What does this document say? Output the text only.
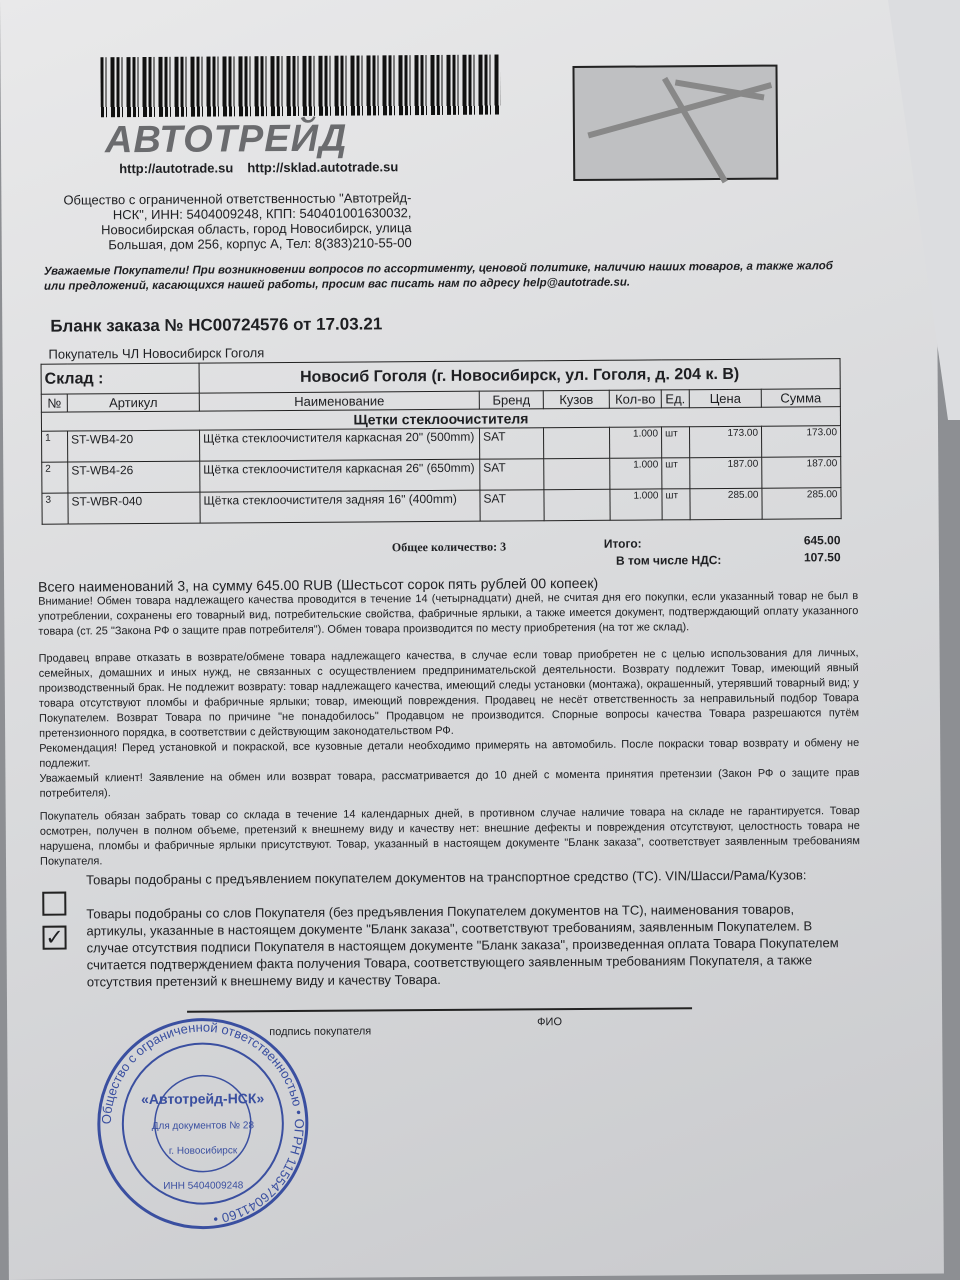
АВТОТРЕЙД
http://autotrade.su http://sklad.autotrade.su
Общество с ограниченной ответственностью "Автотрейд-НСК", ИНН: 5404009248, КПП: 540401001630032, Новосибирская область, город Новосибирск, улица Большая, дом 256, корпус А, Тел: 8(383)210-55-00
Уважаемые Покупатели! При возникновении вопросов по ассортименту, ценовой политике, наличию наших товаров, а также жалоб или предложений, касающихся нашей работы, просим вас писать нам по адресу help@autotrade.su.
Бланк заказа № НС00724576 от 17.03.21
Покупатель ЧЛ Новосибирск Гоголя
Склад :		Новосиб Гоголя (г. Новосибирск, ул. Гоголя, д. 204 к. В)						
№	Артикул	Наименование	Бренд	Кузов	Кол-во	Ед.	Цена	Сумма
Щетки стеклоочистителя								
1	ST-WB4-20	Щётка стеклоочистителя каркасная 20" (500mm)	SAT		1.000	шт	173.00	173.00
2	ST-WB4-26	Щётка стеклоочистителя каркасная 26" (650mm)	SAT		1.000	шт	187.00	187.00
3	ST-WBR-040	Щётка стеклоочистителя задняя 16" (400mm)	SAT		1.000	шт	285.00	285.00
Общее количество: 3	Итого:	645.00
В том числе НДС:	107.50

Всего наименований 3, на сумму 645.00 RUB (Шестьсот сорок пять рублей 00 копеек)

Внимание! Обмен товара надлежащего качества проводится в течение 14 (четырнадцати) дней, не считая дня его покупки, если указанный товар не был в употреблении, сохранены его товарный вид, потребительские свойства, фабричные ярлыки, а также имеется документ, подтверждающий оплату указанного товара (ст. 25 "Закона РФ о защите прав потребителя"). Обмен товара производится по месту приобретения (на тот же склад).

Продавец вправе отказать в возврате/обмене товара надлежащего качества, в случае если товар приобретен не с целью использования для личных, семейных, домашних и иных нужд, не связанных с осуществлением предпринимательской деятельности. Возврату подлежит Товар, имеющий явный производственный брак. Не подлежит возврату: товар надлежащего качества, имеющий следы установки (монтажа), окрашенный, утерявший товарный вид; у товара отсутствуют пломбы и фабричные ярлыки; товар, имеющий повреждения. Продавец не несёт ответственность за неправильный подбор Товара Покупателем. Возврат Товара по причине "не понадобилось" Продавцом не производится. Спорные вопросы качества Товара разрешаются путём претензионного порядка, в соответствии с действующим законодательством РФ.

Рекомендация! Перед установкой и покраской, все кузовные детали необходимо примерять на автомобиль. После покраски товар возврату и обмену не подлежит.

Уважаемый клиент! Заявление на обмен или возврат товара, рассматривается до 10 дней с момента принятия претензии (Закон РФ о защите прав потребителя).

Покупатель обязан забрать товар со склада в течение 14 календарных дней, в противном случае наличие товара на складе не гарантируется. Товар осмотрен, получен в полном объеме, претензий к внешнему виду и качеству нет: внешние дефекты и повреждения отсутствуют, целостность товара не нарушена, пломбы и фабричные ярлыки присутствуют. Товар, указанный в настоящем документе "Бланк заказа", соответствует заявленным требованиям Покупателя.

Товары подобраны с предъявлением покупателем документов на транспортное средство (ТС). VIN/Шасси/Рама/Кузов:
✓
Товары подобраны со слов Покупателя (без предъявления Покупателем документов на ТС), наименования товаров, артикулы, указанные в настоящем документе "Бланк заказа", соответствуют требованиям, заявленным Покупателем. В случае отсутствия подписи Покупателя в настоящем документе "Бланк заказа", произведенная оплата Товара Покупателем считается подтверждением факта получения Товара, соответствующего заявленным требованиям Покупателя, а также отсутствия претензий к внешнему виду и качеству Товара.
подпись покупателя
ФИО
Общество с ограниченной ответственностью • ОГРН 1155476041160 •
«Автотрейд-НСК»
Для документов № 28
г. Новосибирск
ИНН 5404009248
